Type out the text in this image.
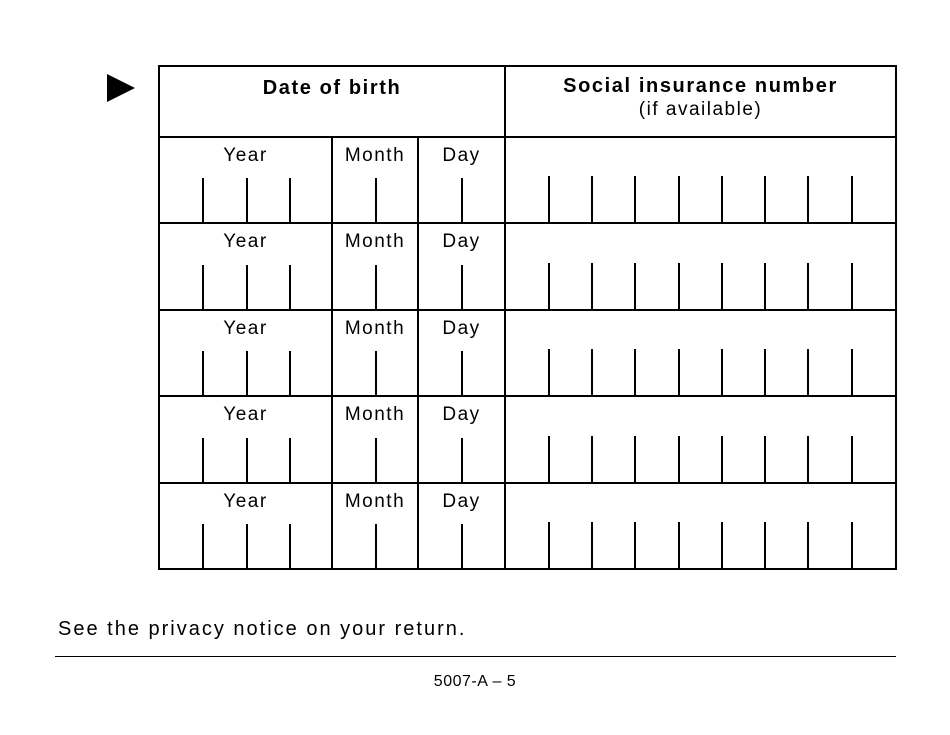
Date of birth			Social insurance number
(if available)

Year	Month	Day	

Year	Month	Day	

Year	Month	Day	

Year	Month	Day	

Year	Month	Day	

See the privacy notice on your return.
5007-A – 5
